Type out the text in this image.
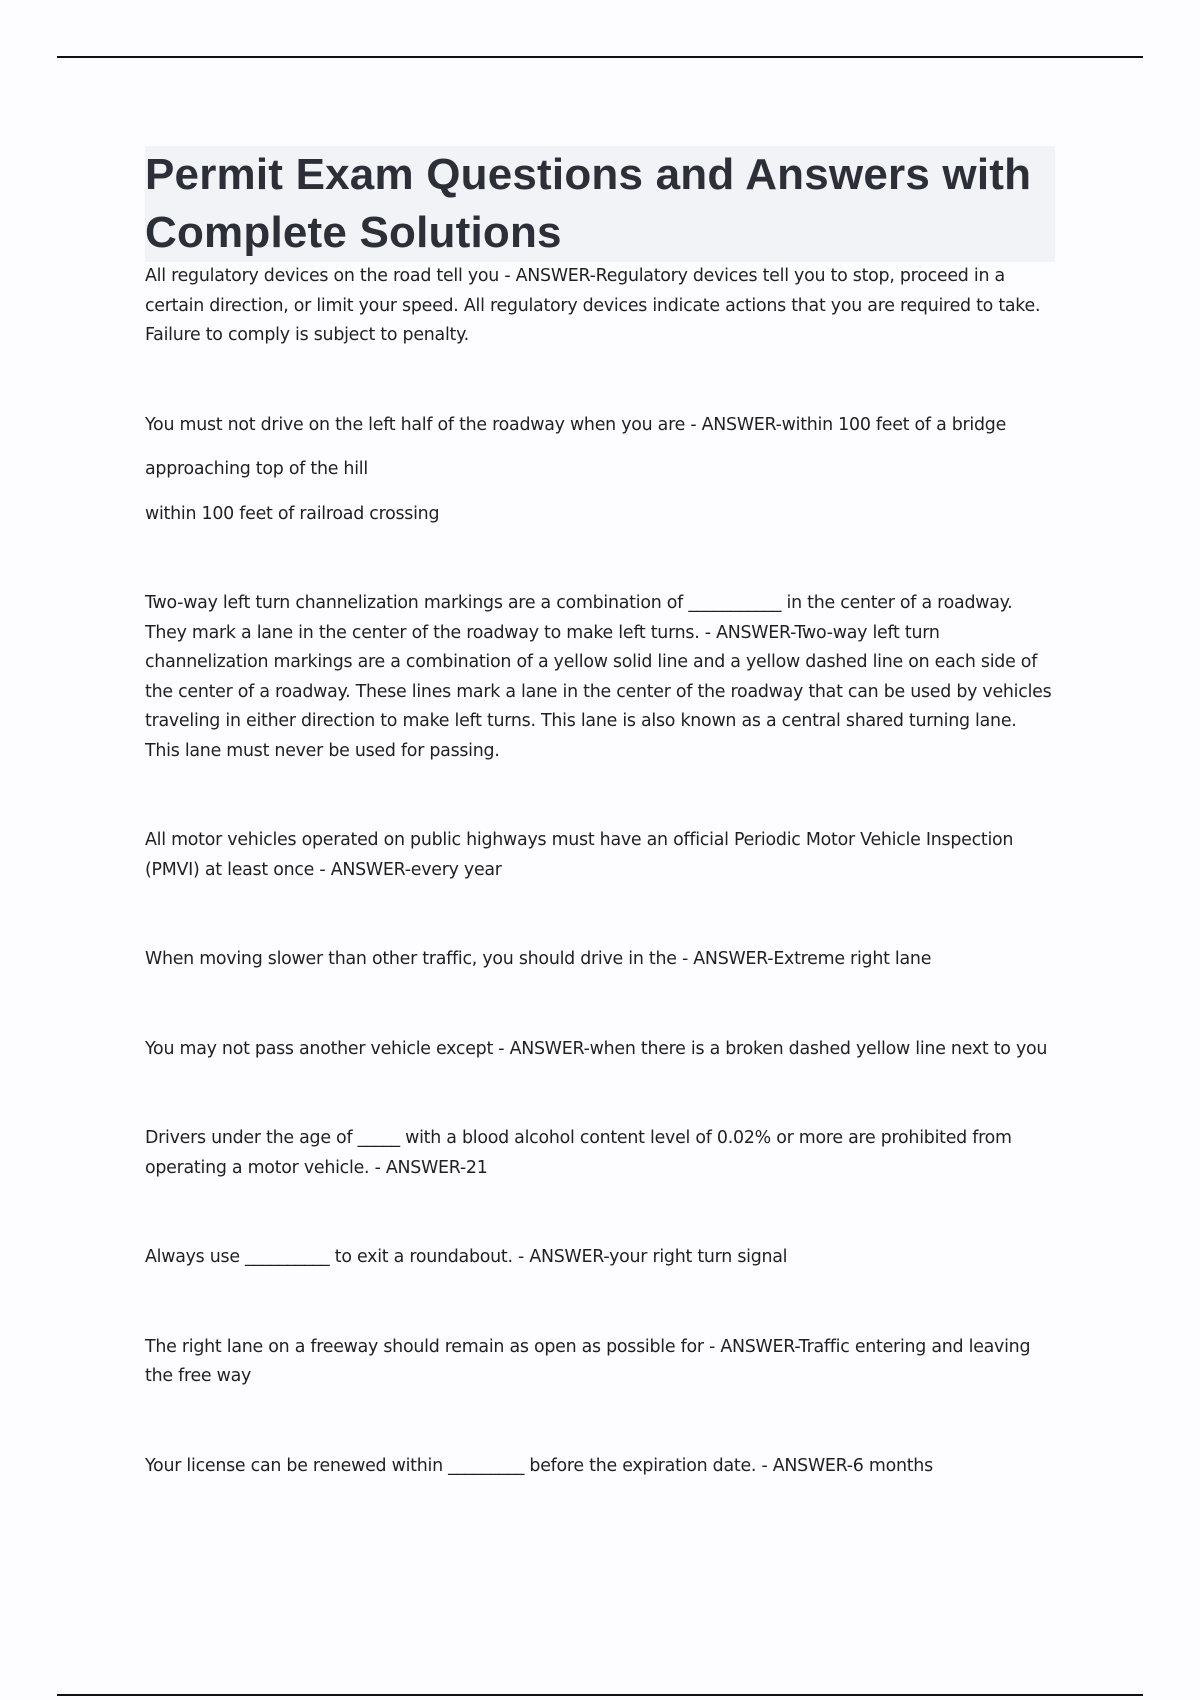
Permit Exam Questions and Answers with Complete Solutions

All regulatory devices on the road tell you - ANSWER-Regulatory devices tell you to stop, proceed in a certain direction, or limit your speed. All regulatory devices indicate actions that you are required to take. Failure to comply is subject to penalty.

You must not drive on the left half of the roadway when you are - ANSWER-within 100 feet of a bridge

approaching top of the hill

within 100 feet of railroad crossing

Two-way left turn channelization markings are a combination of ___________ in the center of a roadway. They mark a lane in the center of the roadway to make left turns. - ANSWER-Two-way left turn channelization markings are a combination of a yellow solid line and a yellow dashed line on each side of the center of a roadway. These lines mark a lane in the center of the roadway that can be used by vehicles traveling in either direction to make left turns. This lane is also known as a central shared turning lane. This lane must never be used for passing.

All motor vehicles operated on public highways must have an official Periodic Motor Vehicle Inspection (PMVI) at least once - ANSWER-every year

When moving slower than other traffic, you should drive in the - ANSWER-Extreme right lane

You may not pass another vehicle except - ANSWER-when there is a broken dashed yellow line next to you

Drivers under the age of _____ with a blood alcohol content level of 0.02% or more are prohibited from operating a motor vehicle. - ANSWER-21

Always use __________ to exit a roundabout. - ANSWER-your right turn signal

The right lane on a freeway should remain as open as possible for - ANSWER-Traffic entering and leaving the free way

Your license can be renewed within _________ before the expiration date. - ANSWER-6 months
